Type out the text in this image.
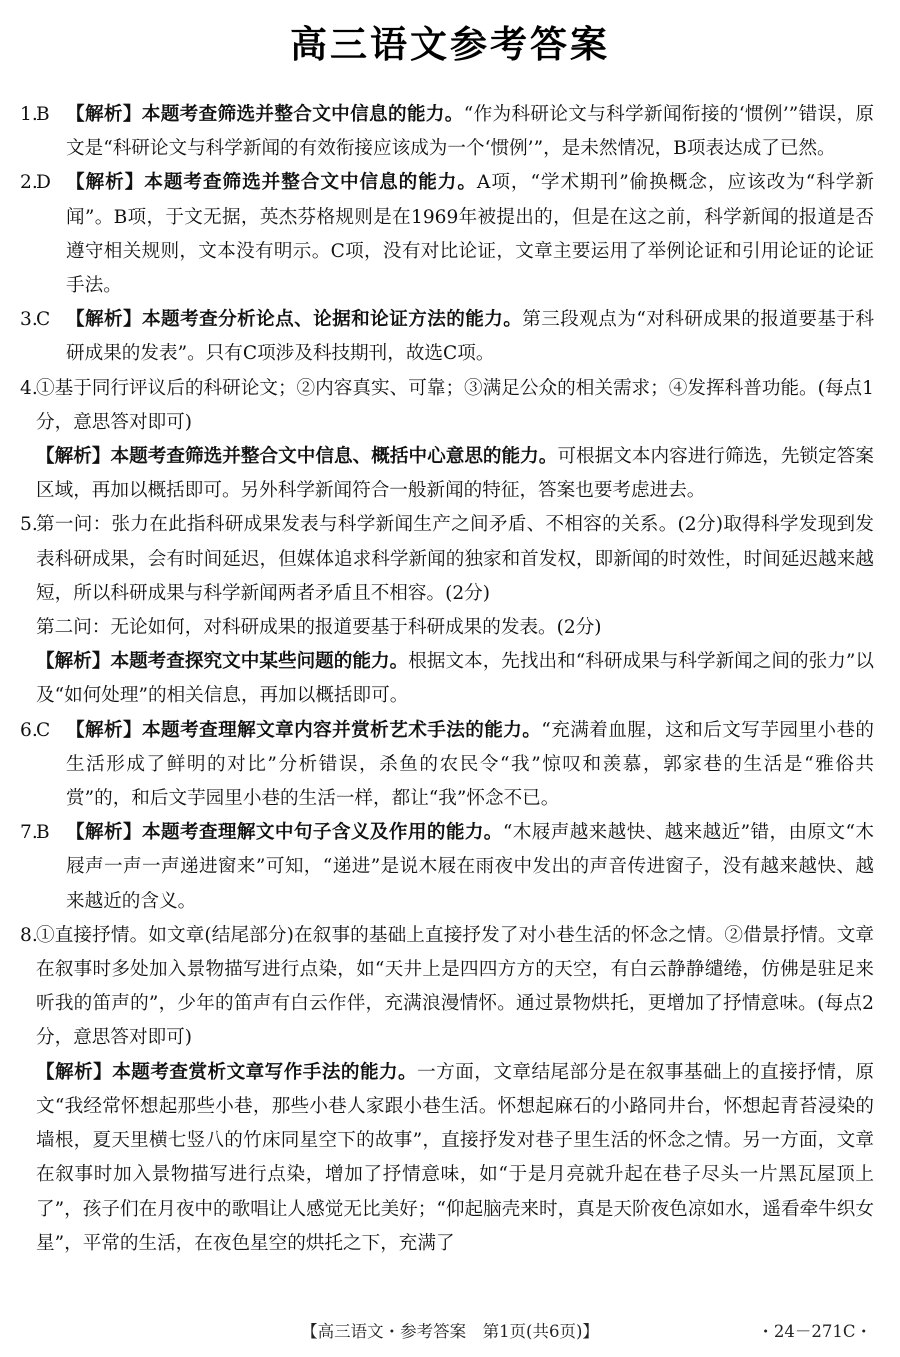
高三语文参考答案
1.
B 【解析】本题考查筛选并整合文中信息的能力。“作为科研论文与科学新闻衔接的‘惯例’”错误，原文是“科研论文与科学新闻的有效衔接应该成为一个‘惯例’”，是未然情况，B项表达成了已然。
2.
D 【解析】本题考查筛选并整合文中信息的能力。A项，“学术期刊”偷换概念，应该改为“科学新闻”。B项，于文无据，英杰芬格规则是在1969年被提出的，但是在这之前，科学新闻的报道是否遵守相关规则，文本没有明示。C项，没有对比论证，文章主要运用了举例论证和引用论证的论证手法。
3.
C 【解析】本题考查分析论点、论据和论证方法的能力。第三段观点为“对科研成果的报道要基于科研成果的发表”。只有C项涉及科技期刊，故选C项。
4.
①基于同行评议后的科研论文；②内容真实、可靠；③满足公众的相关需求；④发挥科普功能。(每点1分，意思答对即可)
【解析】本题考查筛选并整合文中信息、概括中心意思的能力。可根据文本内容进行筛选，先锁定答案区域，再加以概括即可。另外科学新闻符合一般新闻的特征，答案也要考虑进去。
5.
第一问：张力在此指科研成果发表与科学新闻生产之间矛盾、不相容的关系。(2分)取得科学发现到发表科研成果，会有时间延迟，但媒体追求科学新闻的独家和首发权，即新闻的时效性，时间延迟越来越短，所以科研成果与科学新闻两者矛盾且不相容。(2分)
第二问：无论如何，对科研成果的报道要基于科研成果的发表。(2分)
【解析】本题考查探究文中某些问题的能力。根据文本，先找出和“科研成果与科学新闻之间的张力”以及“如何处理”的相关信息，再加以概括即可。
6.
C 【解析】本题考查理解文章内容并赏析艺术手法的能力。“充满着血腥，这和后文写芋园里小巷的生活形成了鲜明的对比”分析错误，杀鱼的农民令“我”惊叹和羡慕，郭家巷的生活是“雅俗共赏”的，和后文芋园里小巷的生活一样，都让“我”怀念不已。
7.
B 【解析】本题考查理解文中句子含义及作用的能力。“木屐声越来越快、越来越近”错，由原文“木屐声一声一声递进窗来”可知，“递进”是说木屐在雨夜中发出的声音传进窗子，没有越来越快、越来越近的含义。
8.
①直接抒情。如文章(结尾部分)在叙事的基础上直接抒发了对小巷生活的怀念之情。②借景抒情。文章在叙事时多处加入景物描写进行点染，如“天井上是四四方方的天空，有白云静静缱绻，仿佛是驻足来听我的笛声的”，少年的笛声有白云作伴，充满浪漫情怀。通过景物烘托，更增加了抒情意味。(每点2分，意思答对即可)
【解析】本题考查赏析文章写作手法的能力。一方面，文章结尾部分是在叙事基础上的直接抒情，原文“我经常怀想起那些小巷，那些小巷人家跟小巷生活。怀想起麻石的小路同井台，怀想起青苔浸染的墙根，夏天里横七竖八的竹床同星空下的故事”，直接抒发对巷子里生活的怀念之情。另一方面，文章在叙事时加入景物描写进行点染，增加了抒情意味，如“于是月亮就升起在巷子尽头一片黑瓦屋顶上了”，孩子们在月夜中的歌唱让人感觉无比美好；“仰起脑壳来时，真是天阶夜色凉如水，遥看牵牛织女星”，平常的生活，在夜色星空的烘托之下，充满了
【高三语文・参考答案　第1页(共6页)】	・24－271C・
